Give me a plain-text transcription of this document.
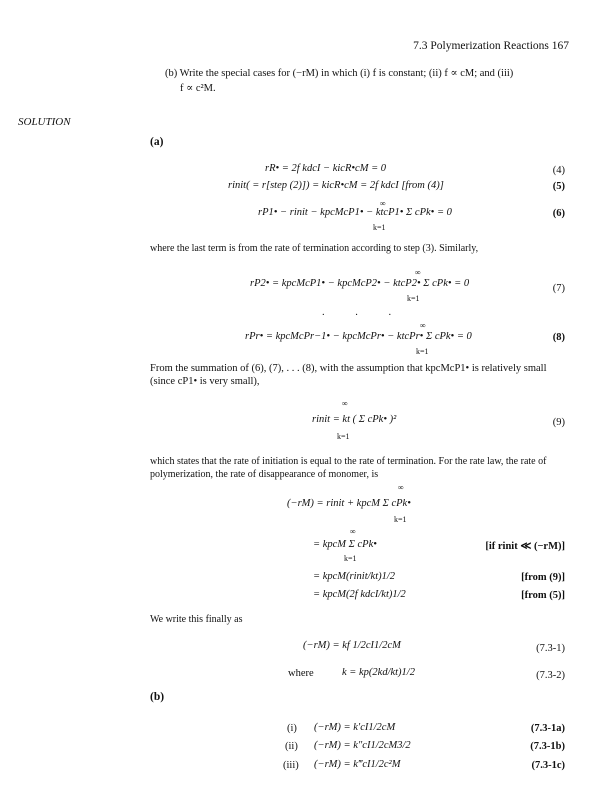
7.3 Polymerization Reactions 167
(b) Write the special cases for (−rM) in which (i) f is constant; (ii) f ∝ cM; and (iii)
f ∝ c²M.
SOLUTION
(a)
rR• = 2f kdcI − kicR•cM = 0	(4)
rinit( = r[step (2)]) = kicR•cM = 2f kdcI [from (4)]	(5)
∞
rP1• − rinit − kpcMcP1• − ktcP1• Σ cPk• = 0
k=1
(6)
where the last term is from the rate of termination according to step (3). Similarly,
∞
rP2• = kpcMcP1• − kpcMcP2• − ktcP2• Σ cPk• = 0
k=1
(7)
. . .
∞
rPr• = kpcMcPr−1• − kpcMcPr• − ktcPr• Σ cPk• = 0
k=1
(8)
From the summation of (6), (7), . . . (8), with the assumption that kpcMcP1• is relatively small (since cP1• is very small),
∞
rinit = kt ( Σ cPk• )²
k=1
(9)
which states that the rate of initiation is equal to the rate of termination. For the rate law, the rate of polymerization, the rate of disappearance of monomer, is
∞
(−rM) = rinit + kpcM Σ cPk•
k=1
∞
= kpcM Σ cPk•
k=1
[if rinit ≪ (−rM)]
= kpcM(rinit/kt)1/2	[from (9)]
= kpcM(2f kdcI/kt)1/2	[from (5)]
We write this finally as
(−rM) = kf 1/2cI1/2cM	(7.3-1)
where	k = kp(2kd/kt)1/2	(7.3-2)
(b)
(i) (−rM) = k′cI1/2cM	(7.3-1a)
(ii) (−rM) = k″cI1/2cM3/2	(7.3-1b)
(iii) (−rM) = k‴cI1/2c²M	(7.3-1c)
